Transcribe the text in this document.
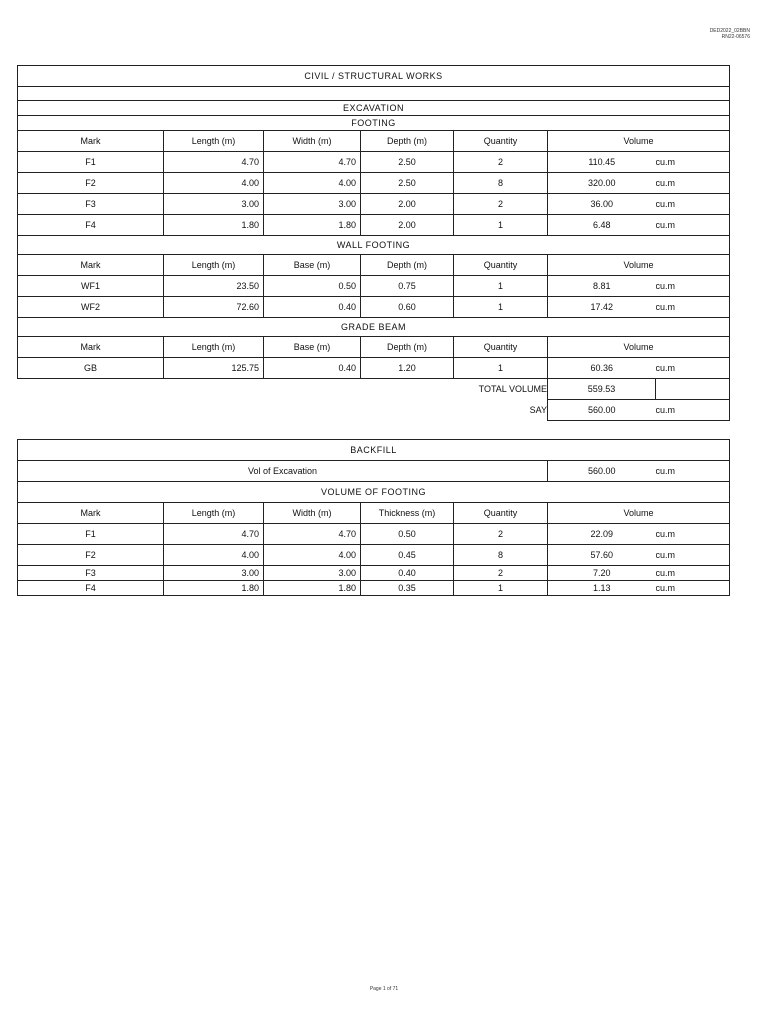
DED2022_02BBN
RN22-06576
CIVIL / STRUCTURAL WORKS						

EXCAVATION						
FOOTING						
Mark	Length (m)	Width (m)	Depth (m)	Quantity	Volume	
F1	4.70	4.70	2.50	2	110.45	cu.m
F2	4.00	4.00	2.50	8	320.00	cu.m
F3	3.00	3.00	2.00	2	36.00	cu.m
F4	1.80	1.80	2.00	1	6.48	cu.m
WALL FOOTING						
Mark	Length (m)	Base (m)	Depth (m)	Quantity	Volume	
WF1	23.50	0.50	0.75	1	8.81	cu.m
WF2	72.60	0.40	0.60	1	17.42	cu.m
GRADE BEAM						
Mark	Length (m)	Base (m)	Depth (m)	Quantity	Volume	
GB	125.75	0.40	1.20	1	60.36	cu.m
TOTAL VOLUME					559.53	
SAY					560.00	cu.m
BACKFILL						
Vol of Excavation					560.00	cu.m
VOLUME OF FOOTING						
Mark	Length (m)	Width (m)	Thickness (m)	Quantity	Volume	
F1	4.70	4.70	0.50	2	22.09	cu.m
F2	4.00	4.00	0.45	8	57.60	cu.m
F3	3.00	3.00	0.40	2	7.20	cu.m
F4	1.80	1.80	0.35	1	1.13	cu.m
Page 1 of 71
